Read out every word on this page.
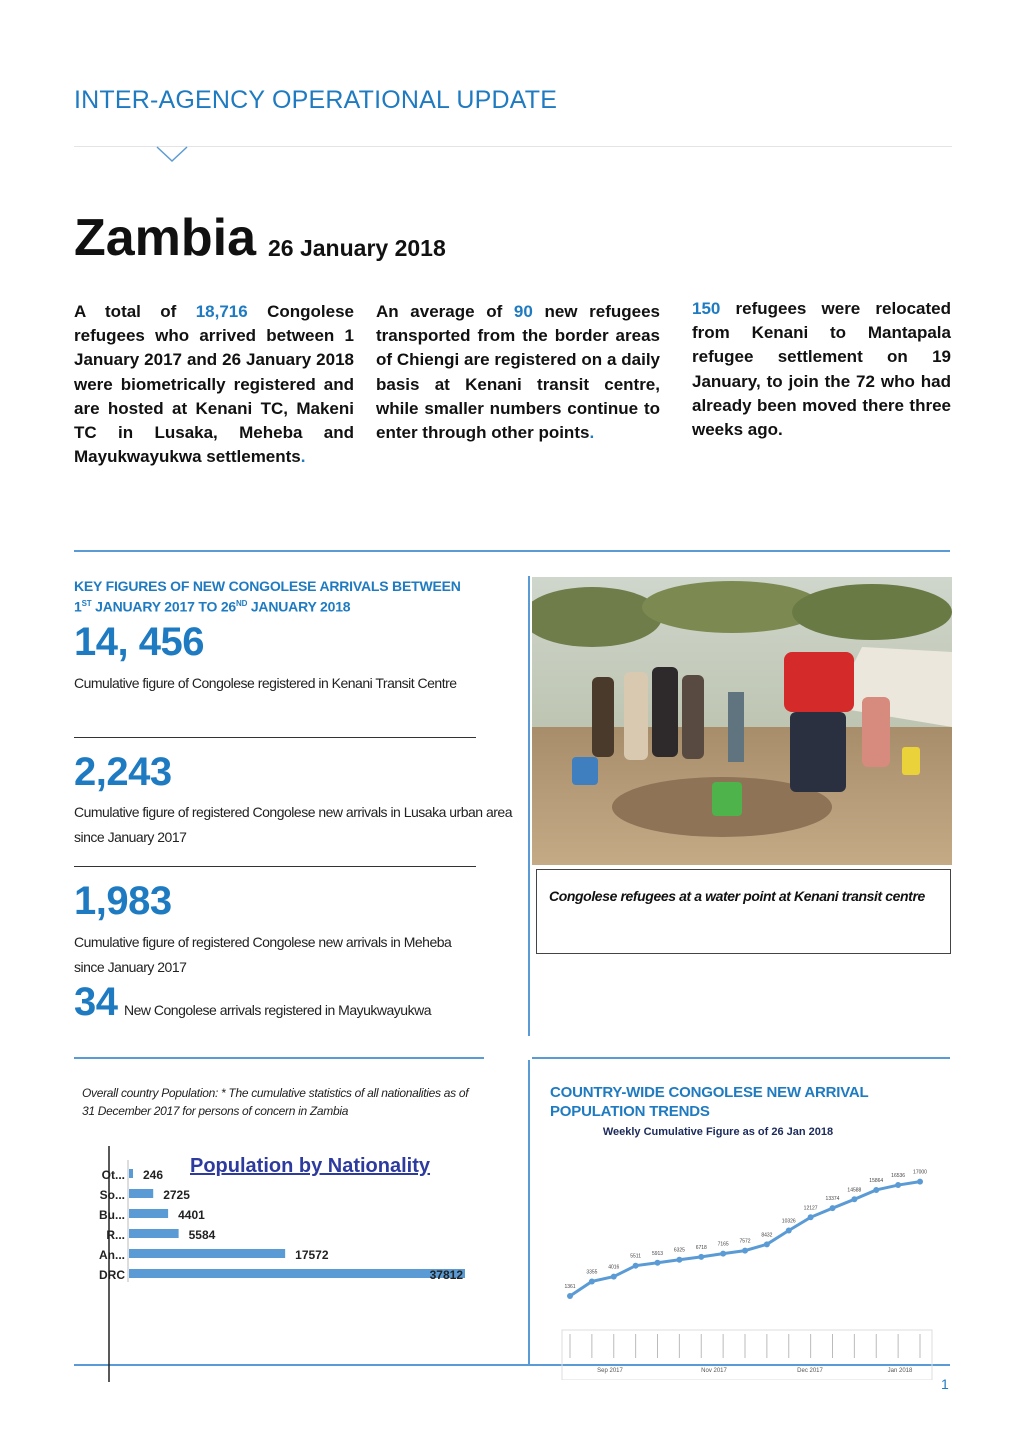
INTER-AGENCY OPERATIONAL UPDATE
Zambia 26 January 2018
A total of 18,716 Congolese refugees who arrived between 1 January 2017 and 26 January 2018 were biometrically registered and are hosted at Kenani TC, Makeni TC in Lusaka, Meheba and Mayukwayukwa settlements.
An average of 90 new refugees transported from the border areas of Chiengi are registered on a daily basis at Kenani transit centre, while smaller numbers continue to enter through other points.
150 refugees were relocated from Kenani to Mantapala refugee settlement on 19 January, to join the 72 who had already been moved there three weeks ago.
KEY FIGURES OF NEW CONGOLESE ARRIVALS BETWEEN
1ST JANUARY 2017 TO 26ND JANUARY 2018
14, 456
Cumulative figure of Congolese registered in Kenani Transit Centre
2,243
Cumulative figure of registered Congolese new arrivals in Lusaka urban area since January 2017
1,983
Cumulative figure of registered Congolese new arrivals in Meheba since January 2017
34 New Congolese arrivals registered in Mayukwayukwa
Congolese refugees at a water point at Kenani transit centre
Overall country Population: * The cumulative statistics of all nationalities as of 31 December 2017 for persons of concern in Zambia
Population by Nationality
Ot... 246
So...	2725
Bu...	4401
R...	5584
An...	17572
DRC	37812
COUNTRY-WIDE CONGOLESE NEW ARRIVAL POPULATION TRENDS
Weekly Cumulative Figure as of 26 Jan 2018
1361
3355
4016
5511 5913
6325 6718
7165 7572
8432
10326
12127
13374
14588
15864
16536
17000
Sep 2017	Nov 2017	Dec 2017	Jan 2018
1
